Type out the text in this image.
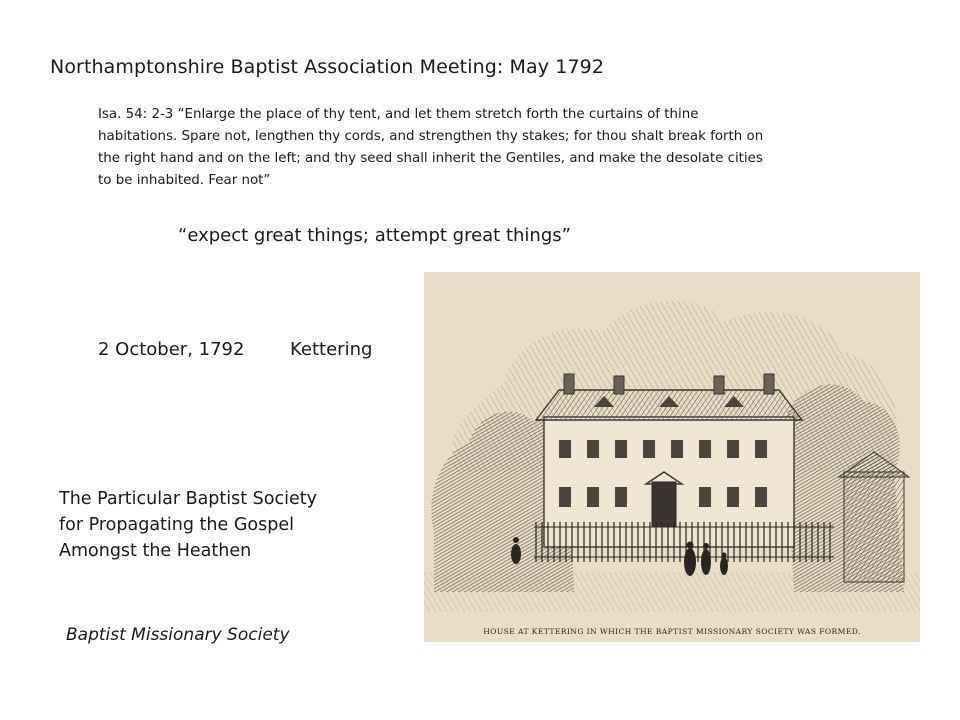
Northamptonshire Baptist Association Meeting: May 1792
Isa. 54: 2-3 “Enlarge the place of thy tent, and let them stretch forth the curtains of thine
habitations. Spare not, lengthen thy cords, and strengthen thy stakes; for thou shalt break forth on
the right hand and on the left; and thy seed shall inherit the Gentiles, and make the desolate cities
to be inhabited. Fear not”
“expect great things; attempt great things”
2 October, 1792	Kettering
The Particular Baptist Society
for Propagating the Gospel
Amongst the Heathen
Baptist Missionary Society	HOUSE AT KETTERING IN WHICH THE BAPTIST MISSIONARY SOCIETY WAS FORMED.
